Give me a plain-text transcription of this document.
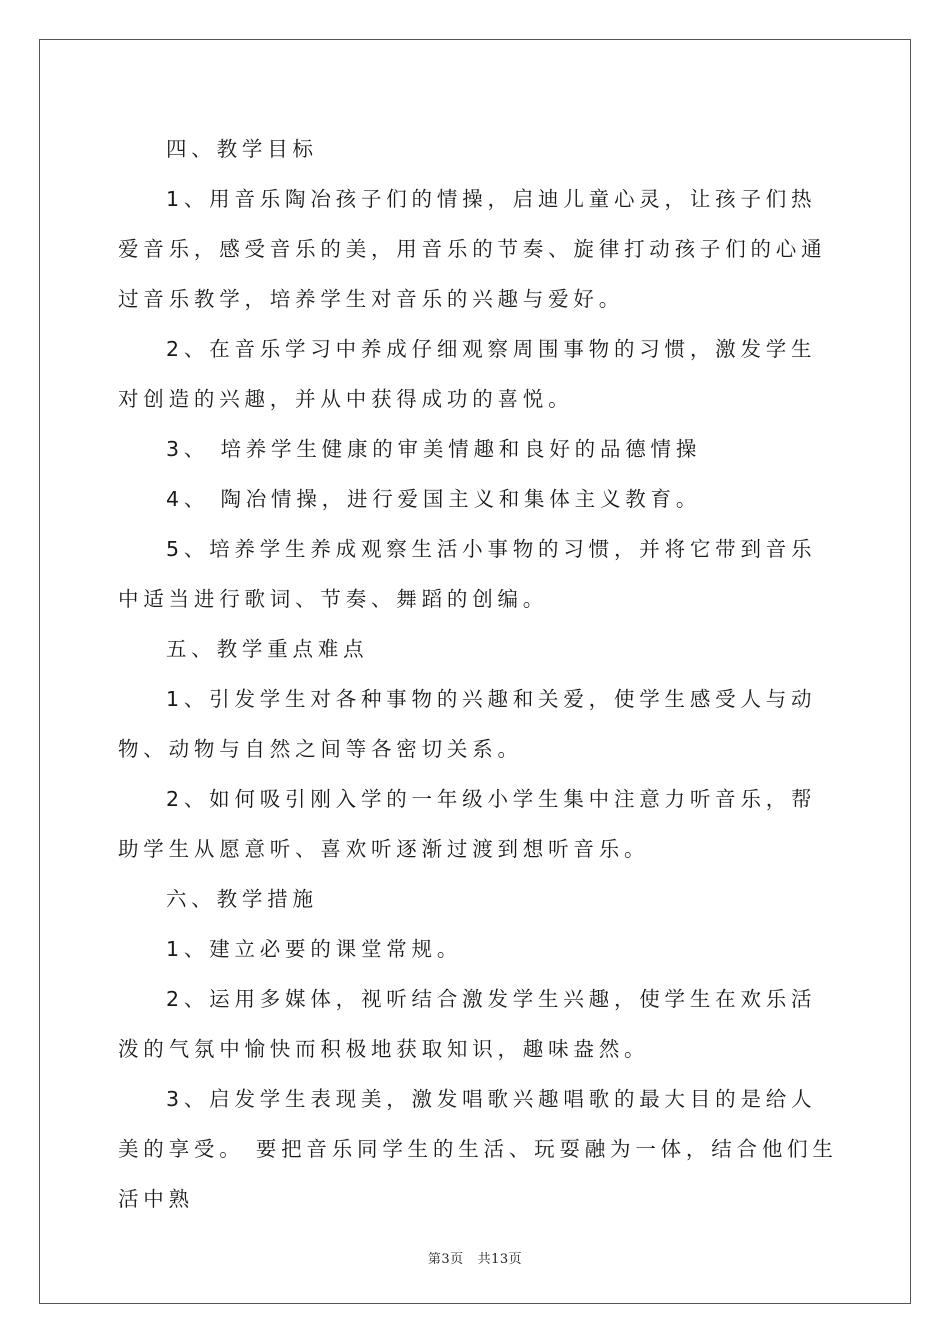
四、教学目标

1、用音乐陶冶孩子们的情操，启迪儿童心灵，让孩子们热爱音乐，感受音乐的美，用音乐的节奏、旋律打动孩子们的心通过音乐教学，培养学生对音乐的兴趣与爱好。

2、在音乐学习中养成仔细观察周围事物的习惯，激发学生对创造的兴趣，并从中获得成功的喜悦。

3、 培养学生健康的审美情趣和良好的品德情操

4、 陶冶情操，进行爱国主义和集体主义教育。

5、培养学生养成观察生活小事物的习惯，并将它带到音乐中适当进行歌词、节奏、舞蹈的创编。

五、教学重点难点

1、引发学生对各种事物的兴趣和关爱，使学生感受人与动物、动物与自然之间等各密切关系。

2、如何吸引刚入学的一年级小学生集中注意力听音乐，帮助学生从愿意听、喜欢听逐渐过渡到想听音乐。

六、教学措施

1、建立必要的课堂常规。

2、运用多媒体，视听结合激发学生兴趣，使学生在欢乐活泼的气氛中愉快而积极地获取知识，趣味盎然。

3、启发学生表现美，激发唱歌兴趣唱歌的最大目的是给人美的享受。 要把音乐同学生的生活、玩耍融为一体，结合他们生活中熟

第3页 共13页
